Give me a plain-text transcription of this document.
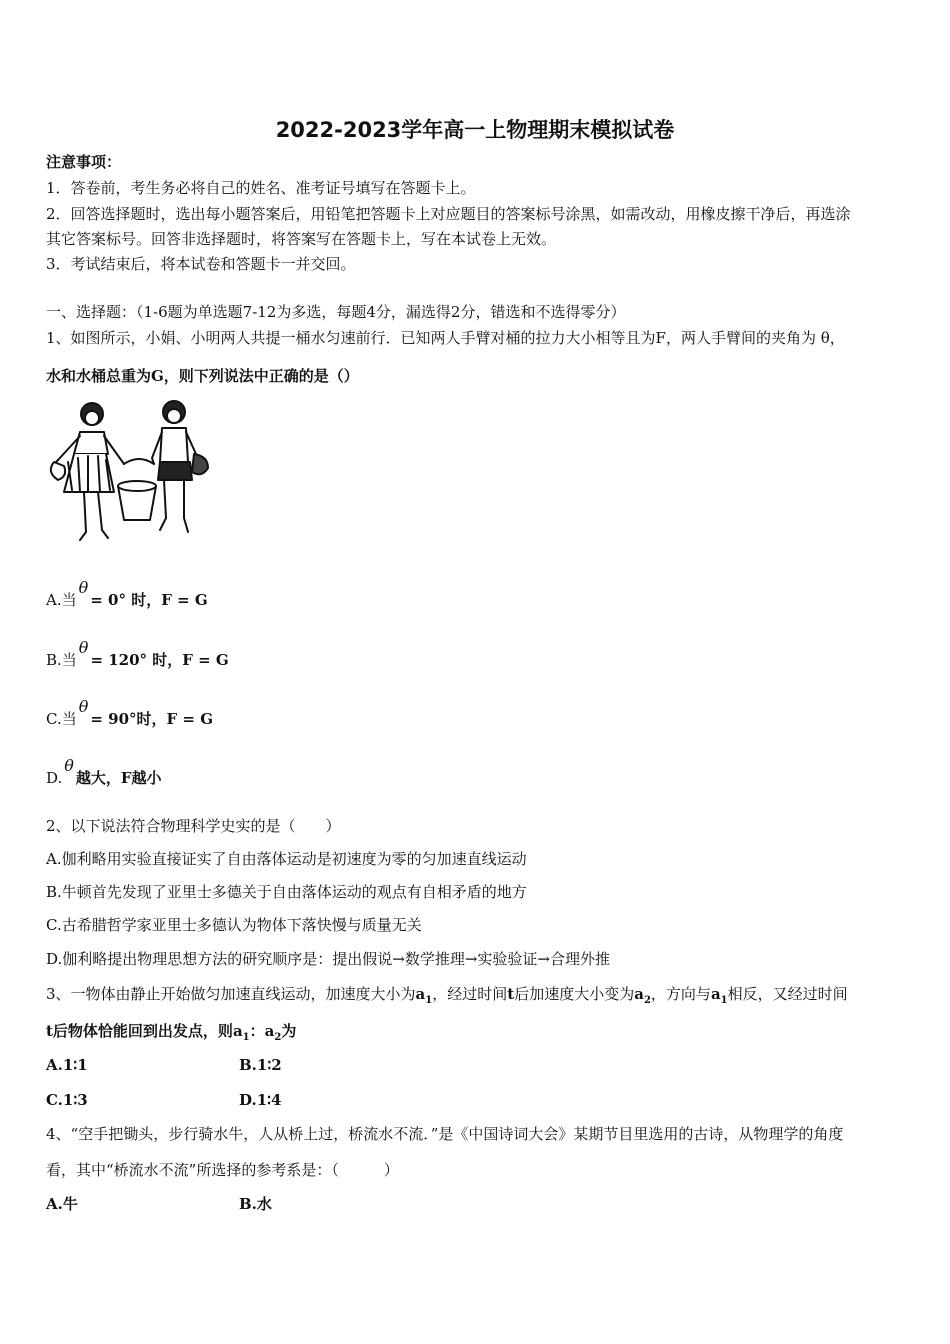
2022-2023学年高一上物理期末模拟试卷
注意事项：
1．答卷前，考生务必将自己的姓名、准考证号填写在答题卡上。
2．回答选择题时，选出每小题答案后，用铅笔把答题卡上对应题目的答案标号涂黑，如需改动，用橡皮擦干净后，再选涂
其它答案标号。回答非选择题时，将答案写在答题卡上，写在本试卷上无效。
3．考试结束后，将本试卷和答题卡一并交回。
一、选择题：（1-6题为单选题7-12为多选，每题4分，漏选得2分，错选和不选得零分）
1、如图所示，小娟、小明两人共提一桶水匀速前行．已知两人手臂对桶的拉力大小相等且为F，两人手臂间的夹角为 θ，
水和水桶总重为G，则下列说法中正确的是（）
A.当θ= 0° 时，F = G
B.当θ= 120° 时，F = G
C.当θ= 90°时，F = G
D.θ越大，F越小
2、以下说法符合物理科学史实的是（　　）
A.伽利略用实验直接证实了自由落体运动是初速度为零的匀加速直线运动
B.牛顿首先发现了亚里士多德关于自由落体运动的观点有自相矛盾的地方
C.古希腊哲学家亚里士多德认为物体下落快慢与质量无关
D.伽利略提出物理思想方法的研究顺序是：提出假说→数学推理→实验验证→合理外推
3、一物体由静止开始做匀加速直线运动，加速度大小为$a_1$，经过时间t后加速度大小变为$a_2$，方向与$a_1$相反，又经过时间
t后物体恰能回到出发点，则$a_1$：$a_2$为
A.1∶1	B.1∶2
C.1∶3	D.1∶4
4、“空手把锄头，步行骑水牛，人从桥上过，桥流水不流．”是《中国诗词大会》某期节目里选用的古诗，从物理学的角度
看，其中“桥流水不流”所选择的参考系是：（　　　）
A.牛	B.水
